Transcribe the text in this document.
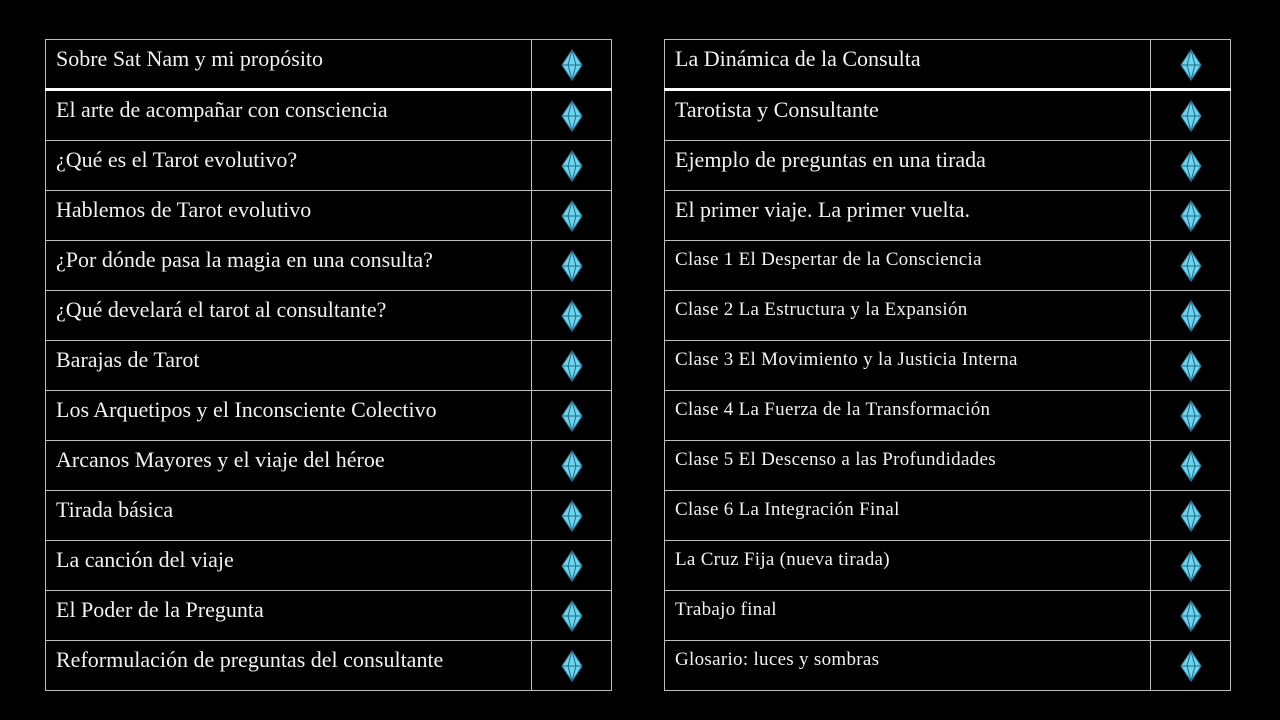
Sobre Sat Nam y mi propósito	
El arte de acompañar con consciencia	
¿Qué es el Tarot evolutivo?	
Hablemos de Tarot evolutivo	
¿Por dónde pasa la magia en una consulta?	
¿Qué develará el tarot al consultante?	
Barajas de Tarot	
Los Arquetipos y el Inconsciente Colectivo	
Arcanos Mayores y el viaje del héroe	
Tirada básica	
La canción del viaje	
El Poder de la Pregunta	
Reformulación de preguntas del consultante	
La Dinámica de la Consulta	
Tarotista y Consultante	
Ejemplo de preguntas en una tirada	
El primer viaje. La primer vuelta.	
Clase 1 El Despertar de la Consciencia	
Clase 2 La Estructura y la Expansión	
Clase 3 El Movimiento y la Justicia Interna	
Clase 4 La Fuerza de la Transformación	
Clase 5 El Descenso a las Profundidades	
Clase 6 La Integración Final	
La Cruz Fija (nueva tirada)	
Trabajo final	
Glosario: luces y sombras	
